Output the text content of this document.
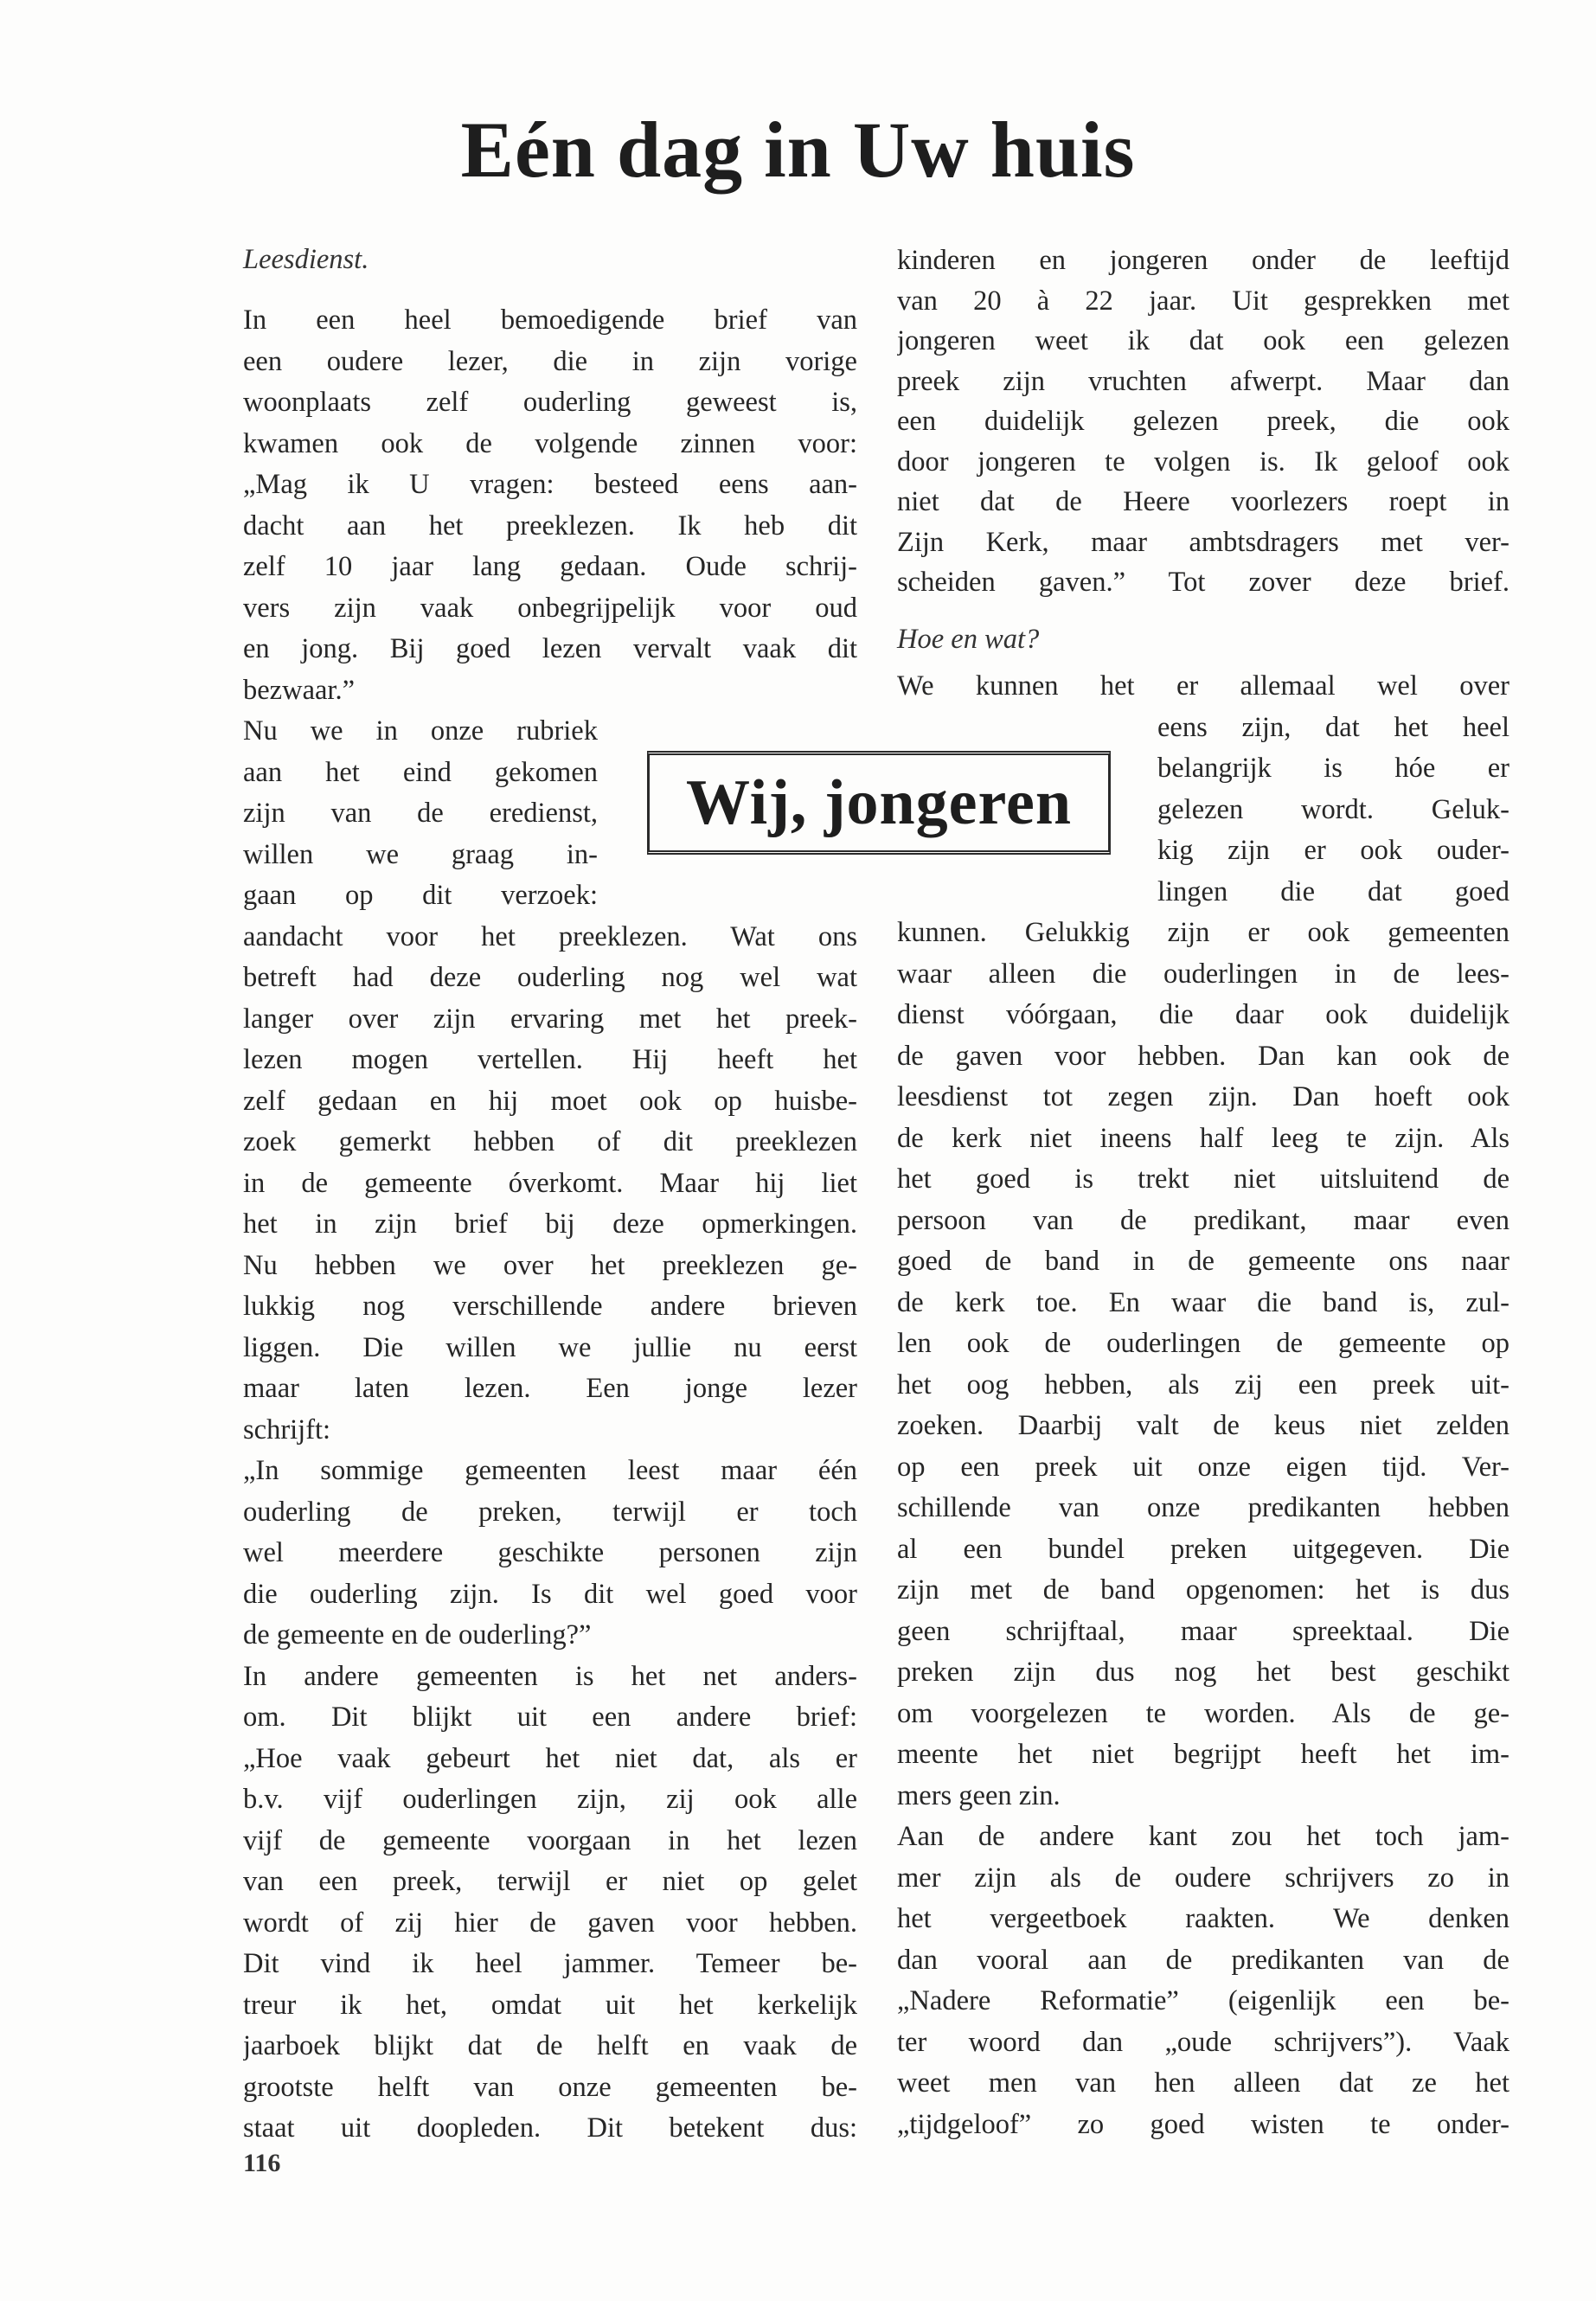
Eén dag in Uw huis
Leesdienst.
In een heel bemoedigende brief van
een oudere lezer, die in zijn vorige
woonplaats zelf ouderling geweest is,
kwamen ook de volgende zinnen voor:
„Mag ik U vragen: besteed eens aan-
dacht aan het preeklezen. Ik heb dit
zelf 10 jaar lang gedaan. Oude schrij-
vers zijn vaak onbegrijpelijk voor oud
en jong. Bij goed lezen vervalt vaak dit
bezwaar.”
Nu we in onze rubriek
aan het eind gekomen
zijn van de eredienst,
willen we graag in-
gaan op dit verzoek:
aandacht voor het preeklezen. Wat ons
betreft had deze ouderling nog wel wat
langer over zijn ervaring met het preek-
lezen mogen vertellen. Hij heeft het
zelf gedaan en hij moet ook op huisbe-
zoek gemerkt hebben of dit preeklezen
in de gemeente óverkomt. Maar hij liet
het in zijn brief bij deze opmerkingen.
Nu hebben we over het preeklezen ge-
lukkig nog verschillende andere brieven
liggen. Die willen we jullie nu eerst
maar laten lezen. Een jonge lezer
schrijft:
„In sommige gemeenten leest maar één
ouderling de preken, terwijl er toch
wel meerdere geschikte personen zijn
die ouderling zijn. Is dit wel goed voor
de gemeente en de ouderling?”
In andere gemeenten is het net anders-
om. Dit blijkt uit een andere brief:
„Hoe vaak gebeurt het niet dat, als er
b.v. vijf ouderlingen zijn, zij ook alle
vijf de gemeente voorgaan in het lezen
van een preek, terwijl er niet op gelet
wordt of zij hier de gaven voor hebben.
Dit vind ik heel jammer. Temeer be-
treur ik het, omdat uit het kerkelijk
jaarboek blijkt dat de helft en vaak de
grootste helft van onze gemeenten be-
staat uit doopleden. Dit betekent dus:
kinderen en jongeren onder de leeftijd
van 20 à 22 jaar. Uit gesprekken met
jongeren weet ik dat ook een gelezen
preek zijn vruchten afwerpt. Maar dan
een duidelijk gelezen preek, die ook
door jongeren te volgen is. Ik geloof ook
niet dat de Heere voorlezers roept in
Zijn Kerk, maar ambtsdragers met ver-
scheiden gaven.” Tot zover deze brief.
Hoe en wat?
We kunnen het er allemaal wel over
eens zijn, dat het heel
belangrijk is hóe er
gelezen wordt. Geluk-
kig zijn er ook ouder-
lingen die dat goed
kunnen. Gelukkig zijn er ook gemeenten
waar alleen die ouderlingen in de lees-
dienst vóórgaan, die daar ook duidelijk
de gaven voor hebben. Dan kan ook de
leesdienst tot zegen zijn. Dan hoeft ook
de kerk niet ineens half leeg te zijn. Als
het goed is trekt niet uitsluitend de
persoon van de predikant, maar even
goed de band in de gemeente ons naar
de kerk toe. En waar die band is, zul-
len ook de ouderlingen de gemeente op
het oog hebben, als zij een preek uit-
zoeken. Daarbij valt de keus niet zelden
op een preek uit onze eigen tijd. Ver-
schillende van onze predikanten hebben
al een bundel preken uitgegeven. Die
zijn met de band opgenomen: het is dus
geen schrijftaal, maar spreektaal. Die
preken zijn dus nog het best geschikt
om voorgelezen te worden. Als de ge-
meente het niet begrijpt heeft het im-
mers geen zin.
Aan de andere kant zou het toch jam-
mer zijn als de oudere schrijvers zo in
het vergeetboek raakten. We denken
dan vooral aan de predikanten van de
„Nadere Reformatie” (eigenlijk een be-
ter woord dan „oude schrijvers”). Vaak
weet men van hen alleen dat ze het
„tijdgeloof” zo goed wisten te onder-
Wij, jongeren
116
